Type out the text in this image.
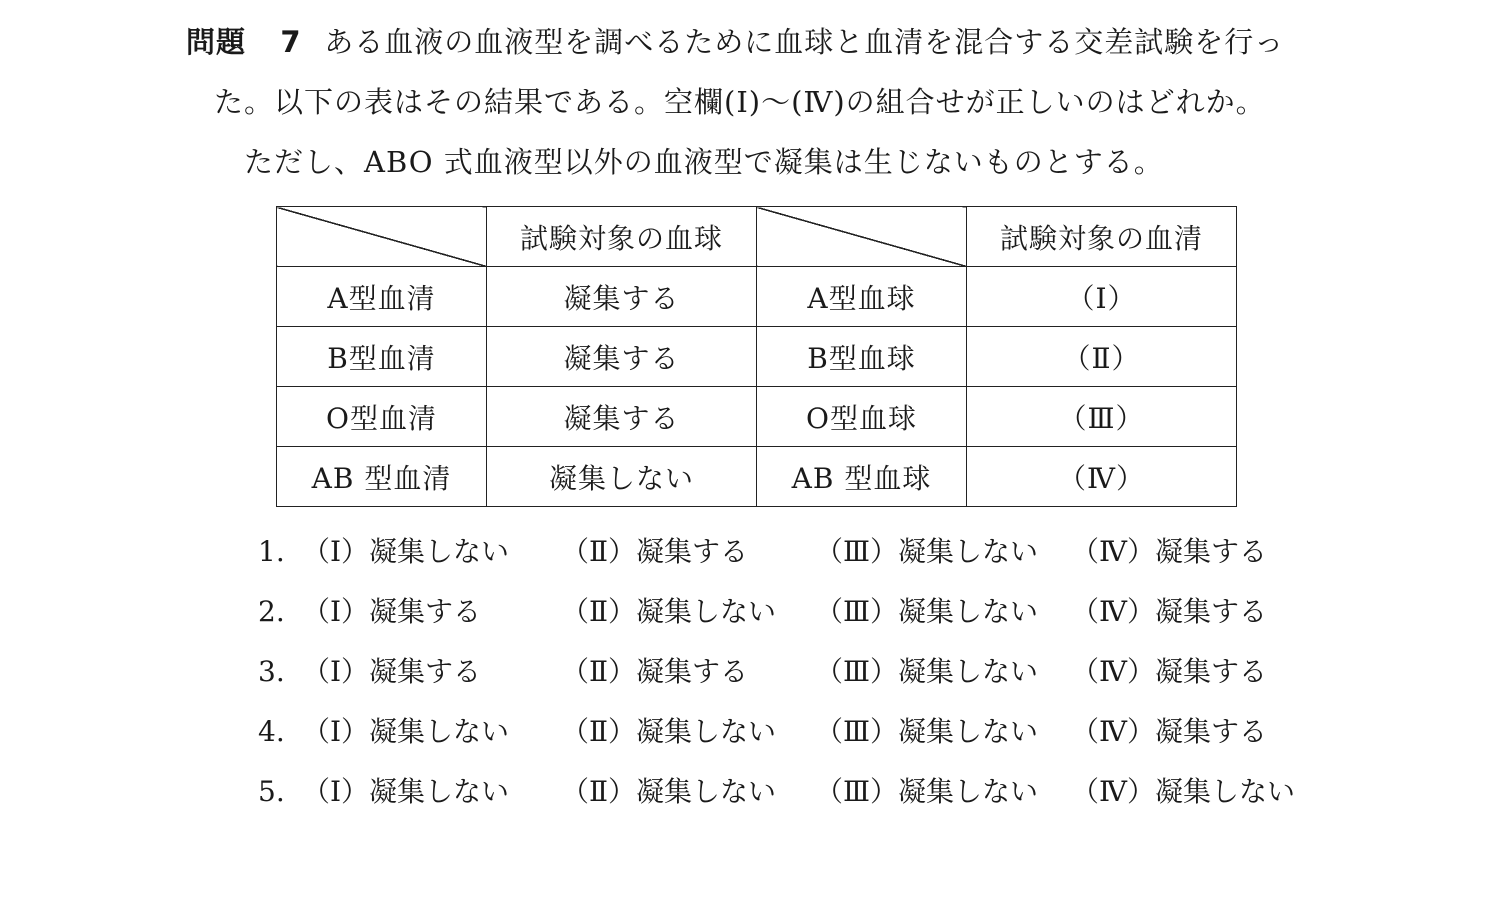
問題 7 ある血液の血液型を調べるために血球と血清を混合する交差試験を行っ
た。以下の表はその結果である。空欄(Ⅰ)～(Ⅳ)の組合せが正しいのはどれか。
ただし、ABO 式血液型以外の血液型で凝集は生じないものとする。
	試験対象の血球		試験対象の血清
A型血清	凝集する	A型血球	（Ⅰ）
B型血清	凝集する	B型血球	（Ⅱ）
O型血清	凝集する	O型血球	（Ⅲ）
AB 型血清	凝集しない	AB 型血球	（Ⅳ）
1. （Ⅰ）凝集しない （Ⅱ）凝集する （Ⅲ）凝集しない （Ⅳ）凝集する
2. （Ⅰ）凝集する	（Ⅱ）凝集しない （Ⅲ）凝集しない （Ⅳ）凝集する
3. （Ⅰ）凝集する	（Ⅱ）凝集する （Ⅲ）凝集しない （Ⅳ）凝集する
4. （Ⅰ）凝集しない （Ⅱ）凝集しない （Ⅲ）凝集しない （Ⅳ）凝集する
5. （Ⅰ）凝集しない （Ⅱ）凝集しない （Ⅲ）凝集しない （Ⅳ）凝集しない
